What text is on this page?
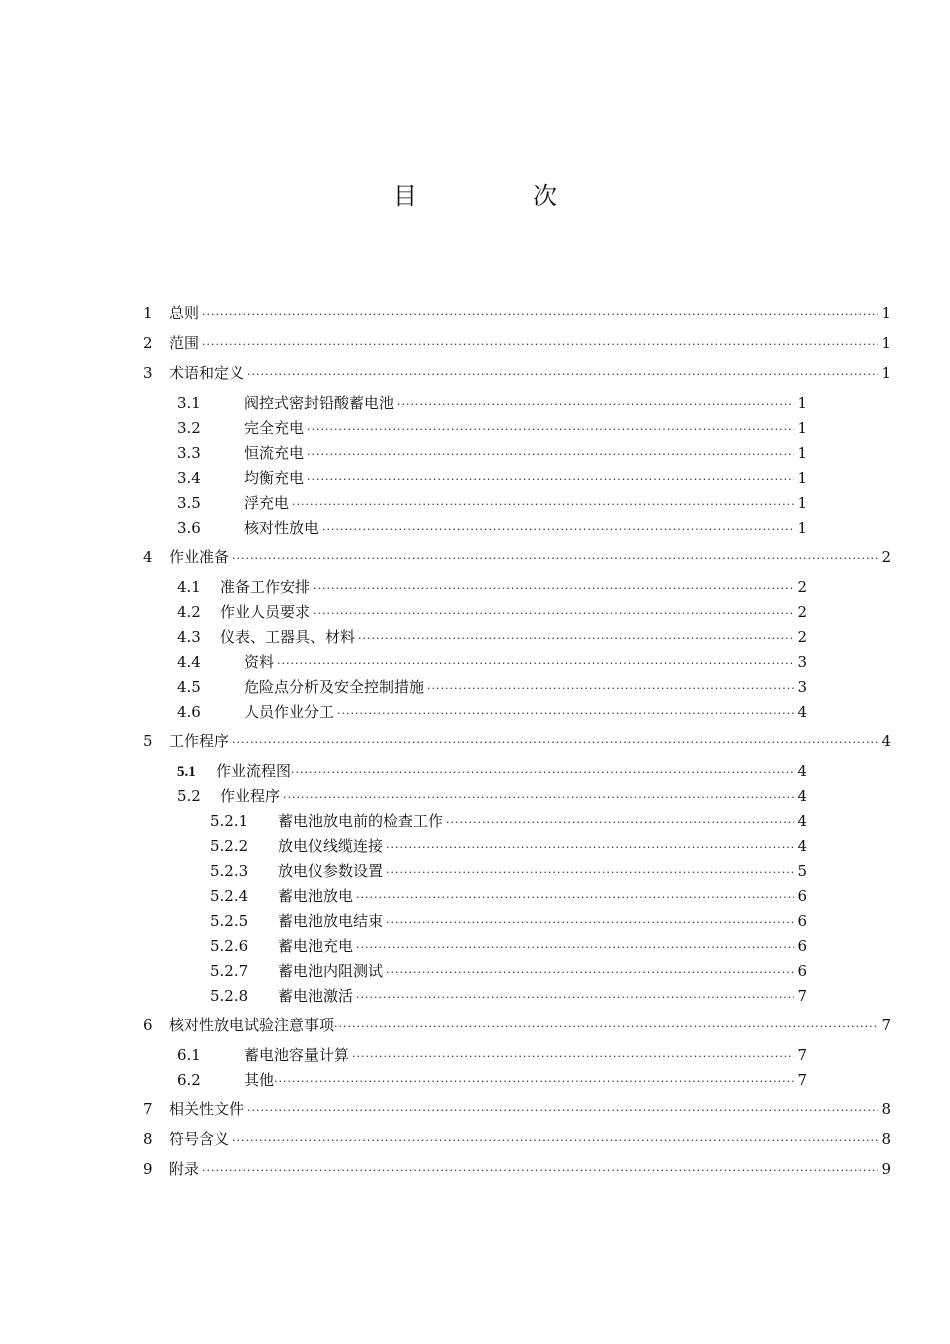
目　次
1	总则 ·····	1
2	范围 ·····	1
3	术语和定义 ·····	1
3.1	阀控式密封铅酸蓄电池 ·····	1
3.2	完全充电 ·····	1
3.3	恒流充电 ·····	1
3.4	均衡充电 ·····	1
3.5	浮充电 ·····	1
3.6	核对性放电 ·····	1
4	作业准备 ·····	2
4.1	准备工作安排 ·····	2
4.2	作业人员要求 ·····	2
4.3	仪表、工器具、材料 ·····	2
4.4	资料 ·····	3
4.5	危险点分析及安全控制措施 ·····	3
4.6	人员作业分工 ·····	4
5	工作程序 ·····	4
5.1	作业流程图 ·····	4
5.2	作业程序 ·····	4
5.2.1	蓄电池放电前的检查工作 ·····	4
5.2.2	放电仪线缆连接 ·····	4
5.2.3	放电仪参数设置 ·····	5
5.2.4	蓄电池放电 ·····	6
5.2.5	蓄电池放电结束 ·····	6
5.2.6	蓄电池充电 ·····	6
5.2.7	蓄电池内阻测试 ·····	6
5.2.8	蓄电池激活 ·····	7
6	核对性放电试验注意事项 ·····	7
6.1	蓄电池容量计算 ·····	7
6.2	其他 ·····	7
7	相关性文件 ·····	8
8	符号含义 ·····	8
9	附录 ·····	9
